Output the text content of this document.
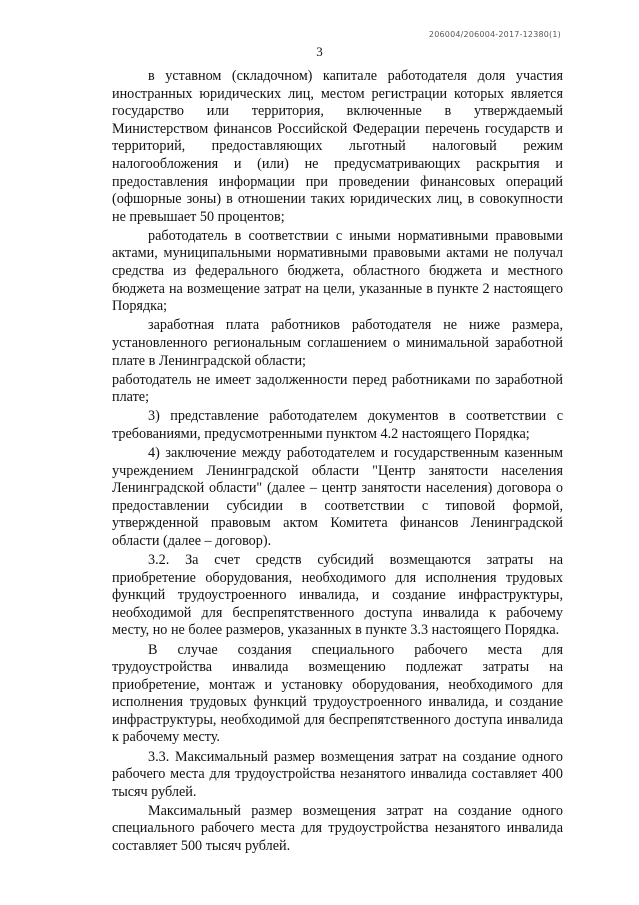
206004/206004-2017-12380(1)
3

в уставном (складочном) капитале работодателя доля участия иностранных юридических лиц, местом регистрации которых является государство или территория, включенные в утверждаемый Министерством финансов Российской Федерации перечень государств и территорий, предоставляющих льготный налоговый режим налогообложения и (или) не предусматривающих раскрытия и предоставления информации при проведении финансовых операций (офшорные зоны) в отношении таких юридических лиц, в совокупности не превышает 50 процентов;

работодатель в соответствии с иными нормативными правовыми актами, муниципальными нормативными правовыми актами не получал средства из федерального бюджета, областного бюджета и местного бюджета на возмещение затрат на цели, указанные в пункте 2 настоящего Порядка;

заработная плата работников работодателя не ниже размера, установленного региональным соглашением о минимальной заработной плате в Ленинградской области;

работодатель не имеет задолженности перед работниками по заработной плате;

3) представление работодателем документов в соответствии с требованиями, предусмотренными пунктом 4.2 настоящего Порядка;

4) заключение между работодателем и государственным казенным учреждением Ленинградской области "Центр занятости населения Ленинградской области" (далее – центр занятости населения) договора о предоставлении субсидии в соответствии с типовой формой, утвержденной правовым актом Комитета финансов Ленинградской области (далее – договор).

3.2. За счет средств субсидий возмещаются затраты на приобретение оборудования, необходимого для исполнения трудовых функций трудоустроенного инвалида, и создание инфраструктуры, необходимой для беспрепятственного доступа инвалида к рабочему месту, но не более размеров, указанных в пункте 3.3 настоящего Порядка.

В случае создания специального рабочего места для трудоустройства инвалида возмещению подлежат затраты на приобретение, монтаж и установку оборудования, необходимого для исполнения трудовых функций трудоустроенного инвалида, и создание инфраструктуры, необходимой для беспрепятственного доступа инвалида к рабочему месту.

3.3. Максимальный размер возмещения затрат на создание одного рабочего места для трудоустройства незанятого инвалида составляет 400 тысяч рублей.

Максимальный размер возмещения затрат на создание одного специального рабочего места для трудоустройства незанятого инвалида составляет 500 тысяч рублей.
